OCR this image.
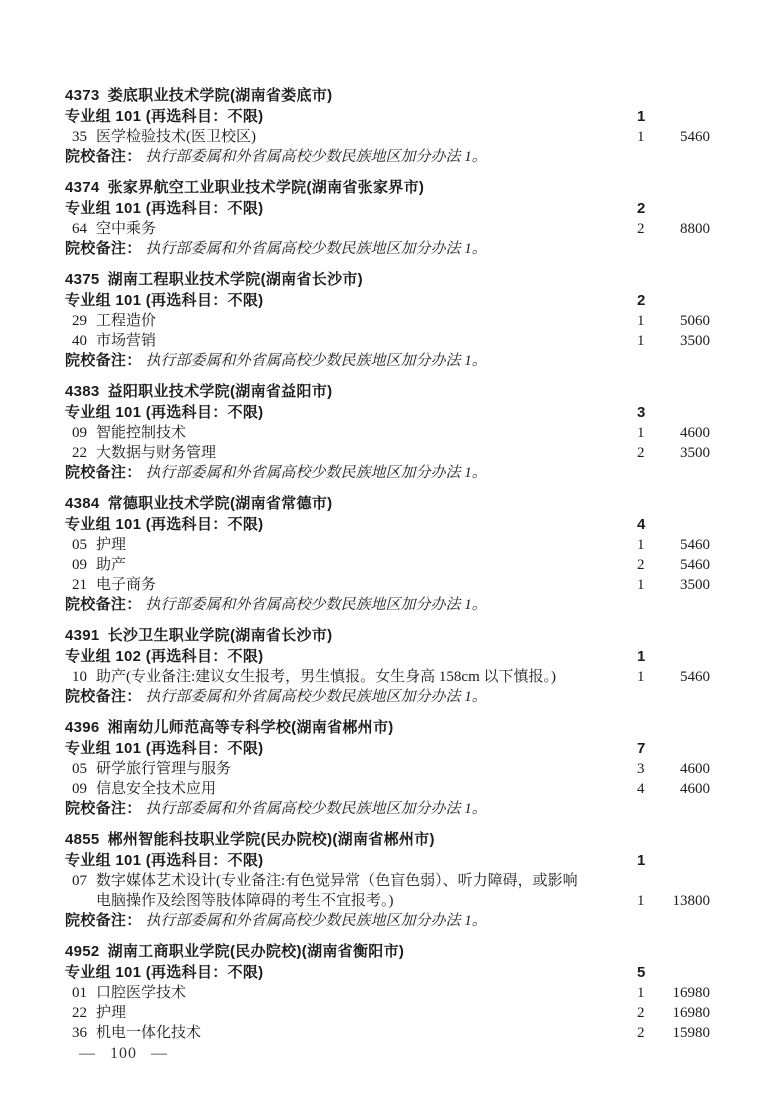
4373 娄底职业技术学院(湖南省娄底市)
专业组 101 (再选科目：不限)	1
35 医学检验技术(医卫校区)	1	5460
院校备注： 执行部委属和外省属高校少数民族地区加分办法 1。
4374 张家界航空工业职业技术学院(湖南省张家界市)
专业组 101 (再选科目：不限)	2
64 空中乘务	2	8800
院校备注： 执行部委属和外省属高校少数民族地区加分办法 1。
4375 湖南工程职业技术学院(湖南省长沙市)
专业组 101 (再选科目：不限)	2
29 工程造价	1	5060
40 市场营销	1	3500
院校备注： 执行部委属和外省属高校少数民族地区加分办法 1。
4383 益阳职业技术学院(湖南省益阳市)
专业组 101 (再选科目：不限)	3
09 智能控制技术	1	4600
22 大数据与财务管理	2	3500
院校备注： 执行部委属和外省属高校少数民族地区加分办法 1。
4384 常德职业技术学院(湖南省常德市)
专业组 101 (再选科目：不限)	4
05 护理	1	5460
09 助产	2	5460
21 电子商务	1	3500
院校备注： 执行部委属和外省属高校少数民族地区加分办法 1。
4391 长沙卫生职业学院(湖南省长沙市)
专业组 102 (再选科目：不限)	1
10 助产(专业备注:建议女生报考，男生慎报。女生身高 158cm 以下慎报。)	1	5460
院校备注： 执行部委属和外省属高校少数民族地区加分办法 1。
4396 湘南幼儿师范高等专科学校(湖南省郴州市)
专业组 101 (再选科目：不限)	7
05 研学旅行管理与服务	3	4600
09 信息安全技术应用	4	4600
院校备注： 执行部委属和外省属高校少数民族地区加分办法 1。
4855 郴州智能科技职业学院(民办院校)(湖南省郴州市)
专业组 101 (再选科目：不限)	1
07 数字媒体艺术设计(专业备注:有色觉异常（色盲色弱）、听力障碍，或影响电脑操作及绘图等肢体障碍的考生不宜报考。)	1	13800
院校备注： 执行部委属和外省属高校少数民族地区加分办法 1。
4952 湖南工商职业学院(民办院校)(湖南省衡阳市)
专业组 101 (再选科目：不限)	5
01 口腔医学技术	1	16980
22 护理	2	16980
36 机电一体化技术	2	15980
— 100 —
